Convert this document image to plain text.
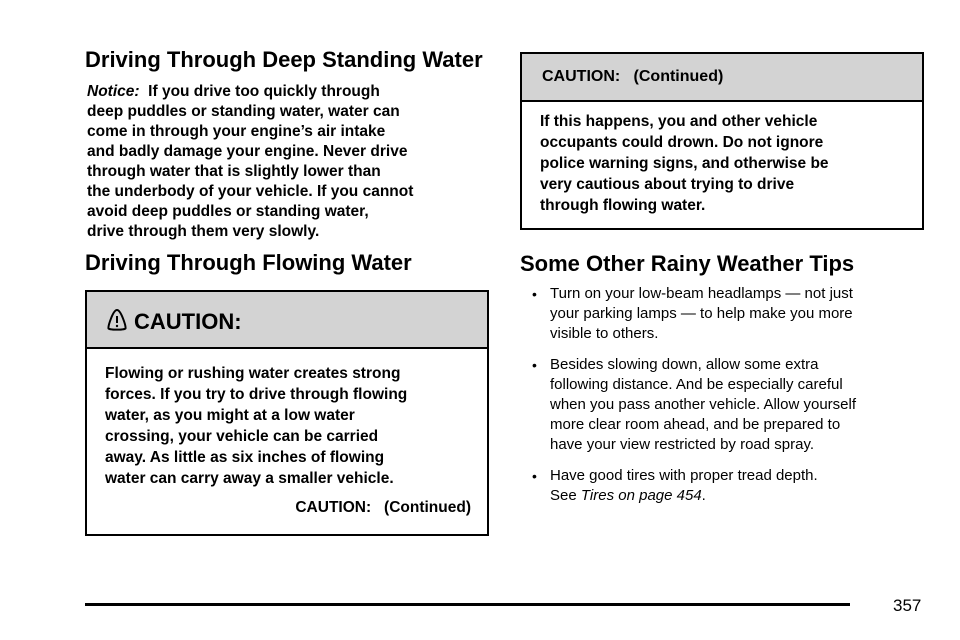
Driving Through Deep Standing Water
Notice: If you drive too quickly through
deep puddles or standing water, water can
come in through your engine’s air intake
and badly damage your engine. Never drive
through water that is slightly lower than
the underbody of your vehicle. If you cannot
avoid deep puddles or standing water,
drive through them very slowly.
Driving Through Flowing Water
CAUTION:
Flowing or rushing water creates strong
forces. If you try to drive through flowing
water, as you might at a low water
crossing, your vehicle can be carried
away. As little as six inches of flowing
water can carry away a smaller vehicle.
CAUTION:   (Continued)
CAUTION:   (Continued)
If this happens, you and other vehicle
occupants could drown. Do not ignore
police warning signs, and otherwise be
very cautious about trying to drive
through flowing water.
Some Other Rainy Weather Tips
• Turn on your low-beam headlamps — not just
your parking lamps — to help make you more
visible to others.
• Besides slowing down, allow some extra
following distance. And be especially careful
when you pass another vehicle. Allow yourself
more clear room ahead, and be prepared to
have your view restricted by road spray.
• Have good tires with proper tread depth.
See Tires on page 454.
357
